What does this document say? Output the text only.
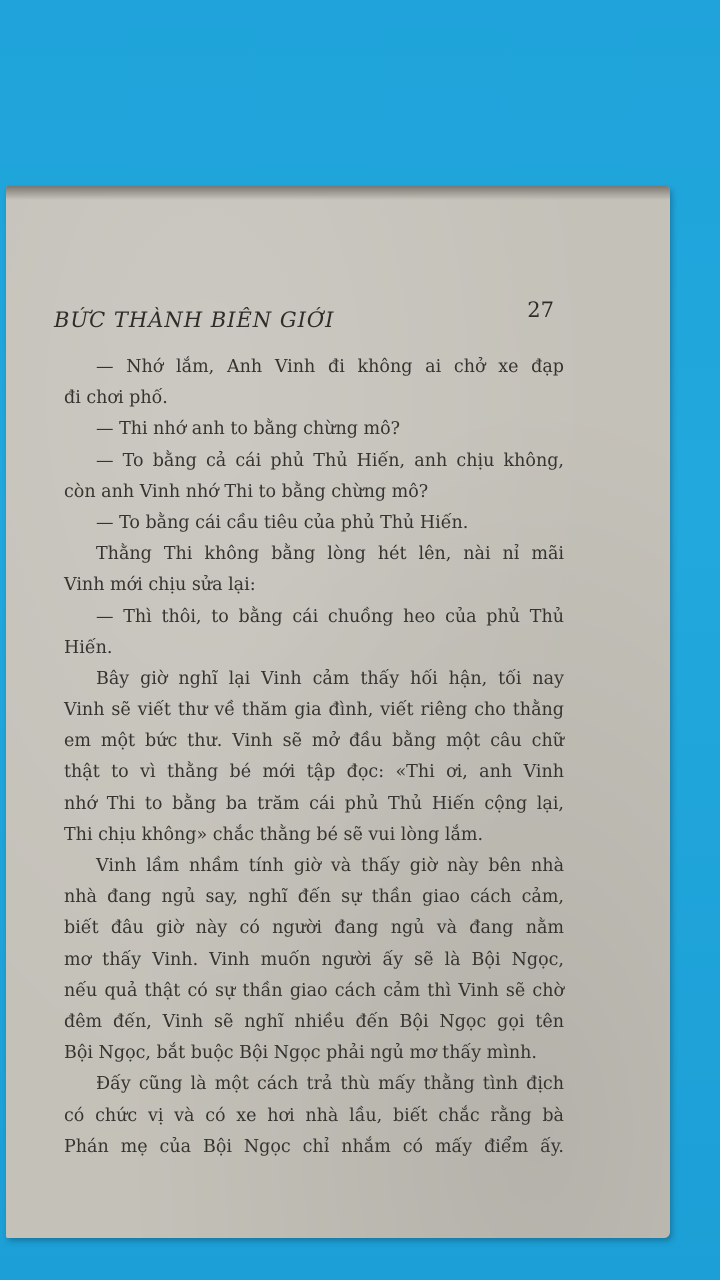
BỨC THÀNH BIÊN GIỚI	27
— Nhớ lắm, Anh Vinh đi không ai chở xe đạp
đi chơi phố.
— Thi nhớ anh to bằng chừng mô?
— To bằng cả cái phủ Thủ Hiến, anh chịu không,
còn anh Vinh nhớ Thi to bằng chừng mô?
— To bằng cái cầu tiêu của phủ Thủ Hiến.
Thằng Thi không bằng lòng hét lên, nài nỉ mãi
Vinh mới chịu sửa lại:
— Thì thôi, to bằng cái chuồng heo của phủ Thủ
Hiến.
Bây giờ nghĩ lại Vinh cảm thấy hối hận, tối nay
Vinh sẽ viết thư về thăm gia đình, viết riêng cho thằng
em một bức thư. Vinh sẽ mở đầu bằng một câu chữ
thật to vì thằng bé mới tập đọc: «Thi ơi, anh Vinh
nhớ Thi to bằng ba trăm cái phủ Thủ Hiến cộng lại,
Thi chịu không» chắc thằng bé sẽ vui lòng lắm.
Vinh lầm nhầm tính giờ và thấy giờ này bên nhà
nhà đang ngủ say, nghĩ đến sự thần giao cách cảm,
biết đâu giờ này có người đang ngủ và đang nằm
mơ thấy Vinh. Vinh muốn người ấy sẽ là Bội Ngọc,
nếu quả thật có sự thần giao cách cảm thì Vinh sẽ chờ
đêm đến, Vinh sẽ nghĩ nhiều đến Bội Ngọc gọi tên
Bội Ngọc, bắt buộc Bội Ngọc phải ngủ mơ thấy mình.
Đấy cũng là một cách trả thù mấy thằng tình địch
có chức vị và có xe hơi nhà lầu, biết chắc rằng bà
Phán mẹ của Bội Ngọc chỉ nhắm có mấy điểm ấy.
